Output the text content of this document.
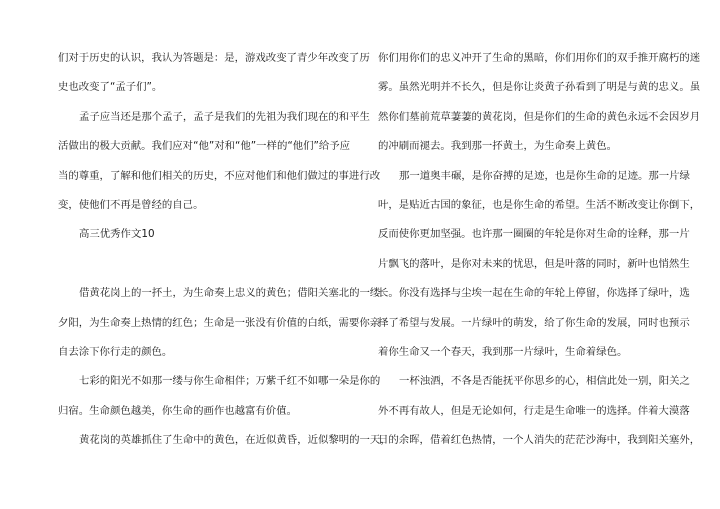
们对于历史的认识，我认为答题是：是，游戏改变了青少年改变了历
史也改变了“孟子们”。
孟子应当还是那个孟子，孟子是我们的先祖为我们现在的和平生
活做出的极大贡献。我们应对“他”对和“他”一样的“他们”给予应
当的尊重，了解和他们相关的历史，不应对他们和他们做过的事进行改
变，使他们不再是曾经的自己。
高三优秀作文10
借黄花岗上的一抔土，为生命奏上忠义的黄色；借阳关塞北的一缕
夕阳，为生命奏上热情的红色；生命是一张没有价值的白纸，需要你亲
自去涂下你行走的颜色。
七彩的阳光不如那一缕与你生命相伴；万紫千红不如哪一朵是你的
归宿。生命颜色越美，你生命的画作也越富有价值。
黄花岗的英雄抓住了生命中的黄色，在近似黄昏，近似黎明的一天，
你们用你们的忠义冲开了生命的黑暗，你们用你们的双手推开腐朽的迷
雾。虽然光明并不长久，但是你让炎黄子孙看到了明是与黄的忠义。虽
然你们墓前荒草萋萋的黄花岗，但是你们的生命的黄色永远不会因岁月
的冲刷而褪去。我到那一抔黄土，为生命奏上黄色。
那一道奥丰碾，是你奋搏的足迹，也是你生命的足迹。那一片绿
叶，是贴近古国的象征，也是你生命的希望。生活不断改变让你倒下，
反而使你更加坚强。也许那一圈圈的年轮是你对生命的诠释，那一片
片飘飞的落叶，是你对未来的忧思，但是叶落的同时，新叶也悄然生
长。你没有选择与尘埃一起在生命的年轮上停留，你选择了绿叶，选
择了希望与发展。一片绿叶的萌发，给了你生命的发展，同时也预示
着你生命又一个春天，我到那一片绿叶，生命着绿色。
一杯浊酒，不各是否能抚平你思乡的心，相信此处一别，阳关之
外不再有故人，但是无论如何，行走是生命唯一的选择。伴着大漠落
日的余晖，借着红色热情，一个人消失的茫茫沙海中，我到阳关塞外，
